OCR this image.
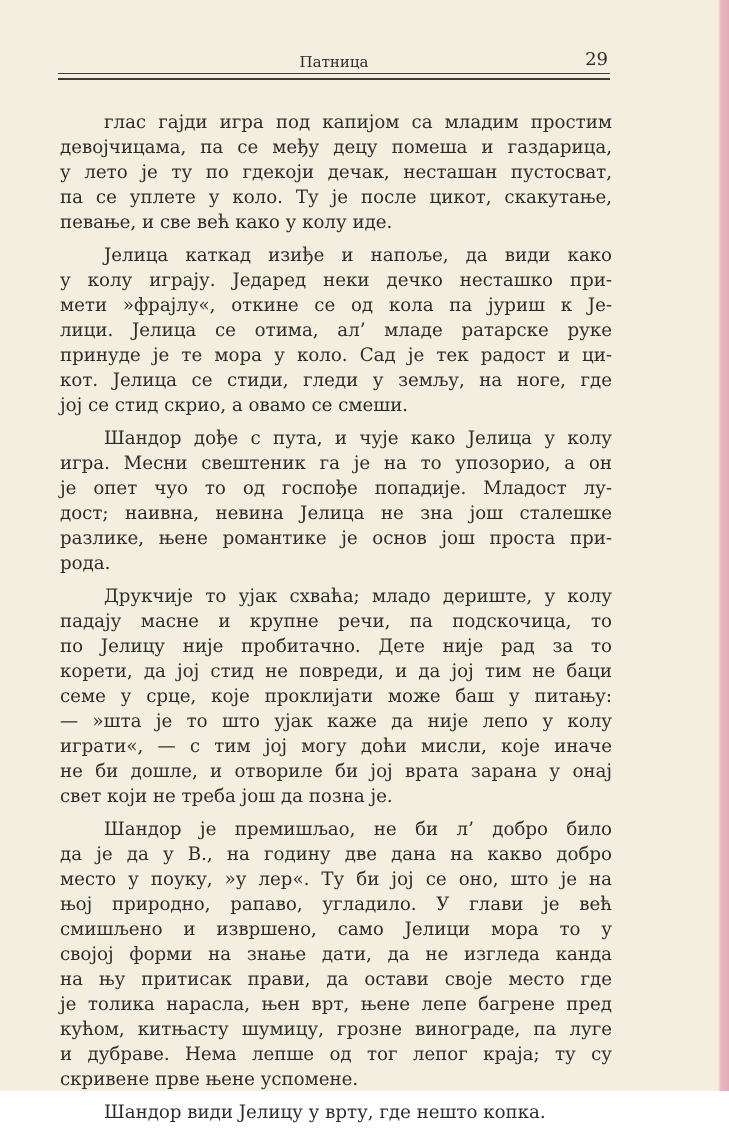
Патница	29
глас гајди игра под капијом са младим простим
девојчицама, па се међу децу помеша и газдарица,
у лето је ту по гдекоји дечак, несташан пустосват,
па се уплете у коло. Ту је после цикот, скакутање,
певање, и све већ како у колу иде.
Јелица каткад изиђе и напоље, да види како
у колу играју. Једаред неки дечко несташко при-
мети »фрајлу«, откине се од кола па јуриш к Је-
лици. Јелица се отима, ал’ младе ратарске руке
принуде је те мора у коло. Сад је тек радост и ци-
кот. Јелица се стиди, гледи у земљу, на ноге, где
јој се стид скрио, а овамо се смеши.
Шандор дође с пута, и чује како Јелица у колу
игра. Месни свештеник га је на то упозорио, а он
је опет чуо то од госпође попадије. Младост лу-
дост; наивна, невина Јелица не зна још сталешке
разлике, њене романтике је основ још проста при-
рода.
Друкчије то ујак схваћа; младо дериште, у колу
падају масне и крупне речи, па подскочица, то
по Јелицу није пробитачно. Дете није рад за то
корети, да јој стид не повреди, и да јој тим не баци
семе у срце, које проклијати може баш у питању:
— »шта је то што ујак каже да није лепо у колу
играти«, — с тим јој могу доћи мисли, које иначе
не би дошле, и отвориле би јој врата зарана у онај
свет који не треба још да позна је.
Шандор је премишљао, не би л’ добро било
да је да у В., на годину две дана на какво добро
место у поуку, »у лер«. Ту би јој се оно, што је на
њој природно, рапаво, угладило. У глави је већ
смишљено и извршено, само Јелици мора то у
својој форми на знање дати, да не изгледа канда
на њу притисак прави, да остави своје место где
је толика нарасла, њен врт, њене лепе багрене пред
кућом, китњасту шумицу, грозне винограде, па луге
и дубраве. Нема лепше од тог лепог краја; ту су
скривене прве њене успомене.
Шандор види Јелицу у врту, где нешто копка.
